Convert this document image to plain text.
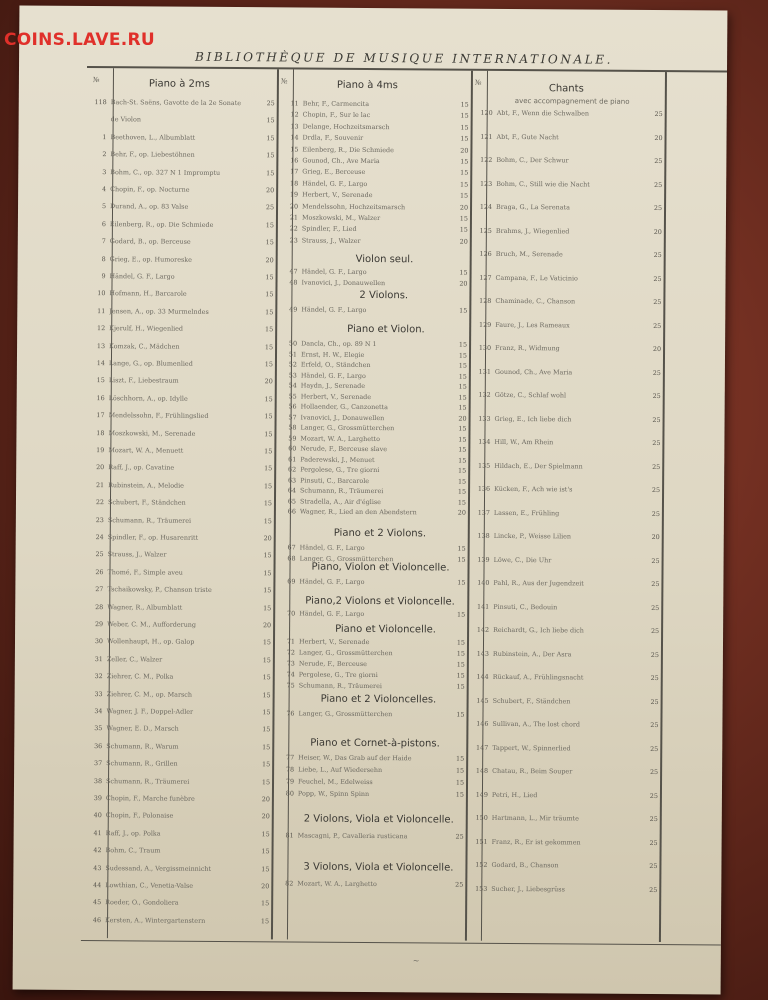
COINS.LAVE.RU
BIBLIOTHÈQUE DE MUSIQUE INTERNATIONALE.
№	№	№
Piano à 2ms	Piano à 4ms	Chants
avec accompagnement de piano
Violon seul.
2 Violons.
Piano et Violon.
Piano et 2 Violons.
Piano, Violon et Violoncelle.
Piano,2 Violons et Violoncelle.
Piano et Violoncelle.
Piano et 2 Violoncelles.
Piano et Cornet-à-pistons.
2 Violons, Viola et Violoncelle.
3 Violons, Viola et Violoncelle.
118 Bach-St. Saëns, Gavotte de la 2e Sonate	25
de Violon	15
1 Beethoven, L., Albumblatt	15
2 Behr, F., op. Liebestöhnen	15
3 Bohm, C., op. 327 N 1 Impromptu	15
4 Chopin, F., op. Nocturne	20
5 Durand, A., op. 83 Valse	25
6 Eilenberg, R., op. Die Schmiede	15
7 Godard, B., op. Berceuse	15
8 Grieg, E., op. Humoreske	20
9 Händel, G. F., Largo	15
10 Hofmann, H., Barcarole	15
11 Jensen, A., op. 33 Murmelndes	15
12 Kjerulf, H., Wiegenlied	15
13 Komzak, C., Mädchen	15
14 Lange, G., op. Blumenlied	15
15 Liszt, F., Liebestraum	20
16 Löschhorn, A., op. Idylle	15
17 Mendelssohn, F., Frühlingslied	15
18 Moszkowski, M., Serenade	15
19 Mozart, W. A., Menuett	15
20 Raff, J., op. Cavatine	15
21 Rubinstein, A., Melodie	15
22 Schubert, F., Ständchen	15
23 Schumann, R., Träumerei	15
24 Spindler, F., op. Husarenritt	20
25 Strauss, J., Walzer	15
26 Thomé, F., Simple aveu	15
27 Tschaikowsky, P., Chanson triste	15
28 Wagner, R., Albumblatt	15
29 Weber, C. M., Aufforderung	20
30 Wollenhaupt, H., op. Galop	15
31 Zeller, C., Walzer	15
32 Ziehrer, C. M., Polka	15
33 Ziehrer, C. M., op. Marsch	15
34 Wagner, J. F., Doppel-Adler	15
35 Wagner, E. D., Marsch	15
36 Schumann, R., Warum	15
37 Schumann, R., Grillen	15
38 Schumann, R., Träumerei	15
39 Chopin, F., Marche funèbre	20
40 Chopin, F., Polonaise	20
41 Raff, J., op. Polka	15
42 Bohm, C., Traum	15
43 Sudessand, A., Vergissmeinnicht	15
44 Lowthian, C., Venetia-Valse	20
45 Roeder, O., Gondoliera	15
46 Kersten, A., Wintergartenstern	15
11 Behr, F., Carmencita	15
12 Chopin, F., Sur le lac	15
13 Delange, Hochzeitsmarsch	15
14 Drdla, F., Souvenir	15
15 Eilenberg, R., Die Schmiede	20
16 Gounod, Ch., Ave Maria	15
17 Grieg, E., Berceuse	15
18 Händel, G. F., Largo	15
19 Herbert, V., Serenade	15
20 Mendelssohn, Hochzeitsmarsch	20
21 Moszkowski, M., Walzer	15
22 Spindler, F., Lied	15
23 Strauss, J., Walzer	20
47 Händel, G. F., Largo	15
48 Ivanovici, J., Donauwellen	20
49 Händel, G. F., Largo	15
50 Dancla, Ch., op. 89 N 1	15
51 Ernst, H. W., Elegie	15
52 Erfeld, O., Ständchen	15
53 Händel, G. F., Largo	15
54 Haydn, J., Serenade	15
55 Herbert, V., Serenade	15
56 Hollaender, G., Canzonetta	15
57 Ivanovici, J., Donauwellen	20
58 Langer, G., Grossmütterchen	15
59 Mozart, W. A., Larghetto	15
60 Nerude, F., Berceuse slave	15
61 Paderewski, J., Menuet	15
62 Pergolese, G., Tre giorni	15
63 Pinsuti, C., Barcarole	15
64 Schumann, R., Träumerei	15
65 Stradella, A., Air d'église	15
66 Wagner, R., Lied an den Abendstern	20
67 Händel, G. F., Largo	15
68 Langer, G., Grossmütterchen	15
69 Händel, G. F., Largo	15
70 Händel, G. F., Largo	15
71 Herbert, V., Serenade	15
72 Langer, G., Grossmütterchen	15
73 Nerude, F., Berceuse	15
74 Pergolese, G., Tre giorni	15
75 Schumann, R., Träumerei	15
76 Langer, G., Grossmütterchen	15
77 Heiser, W., Das Grab auf der Haide	15
78 Liebe, L., Auf Wiedersehn	15
79 Feuchel, M., Edelweiss	15
80 Popp, W., Spinn Spinn	15
81 Mascagni, P., Cavalleria rusticana	25
82 Mozart, W. A., Larghetto	25
120 Abt, F., Wenn die Schwalben	25
121 Abt, F., Gute Nacht	20
122 Bohm, C., Der Schwur	25
123 Bohm, C., Still wie die Nacht	25
124 Braga, G., La Serenata	25
125 Brahms, J., Wiegenlied	20
126 Bruch, M., Serenade	25
127 Campana, F., Le Vaticinio	25
128 Chaminade, C., Chanson	25
129 Faure, J., Les Rameaux	25
130 Franz, R., Widmung	20
131 Gounod, Ch., Ave Maria	25
132 Götze, C., Schlaf wohl	25
133 Grieg, E., Ich liebe dich	25
134 Hill, W., Am Rhein	25
135 Hildach, E., Der Spielmann	25
136 Kücken, F., Ach wie ist's	25
137 Lassen, E., Frühling	25
138 Lincke, P., Weisse Lilien	20
139 Löwe, C., Die Uhr	25
140 Pahl, R., Aus der Jugendzeit	25
141 Pinsuti, C., Bedouin	25
142 Reichardt, G., Ich liebe dich	25
143 Rubinstein, A., Der Asra	25
144 Rückauf, A., Frühlingsnacht	25
145 Schubert, F., Ständchen	25
146 Sullivan, A., The lost chord	25
147 Tappert, W., Spinnerlied	25
148 Chatau, R., Beim Souper	25
149 Petri, H., Lied	25
150 Hartmann, L., Mir träumte	25
151 Franz, R., Er ist gekommen	25
152 Godard, B., Chanson	25
153 Sucher, J., Liebesgrüss	25
~
